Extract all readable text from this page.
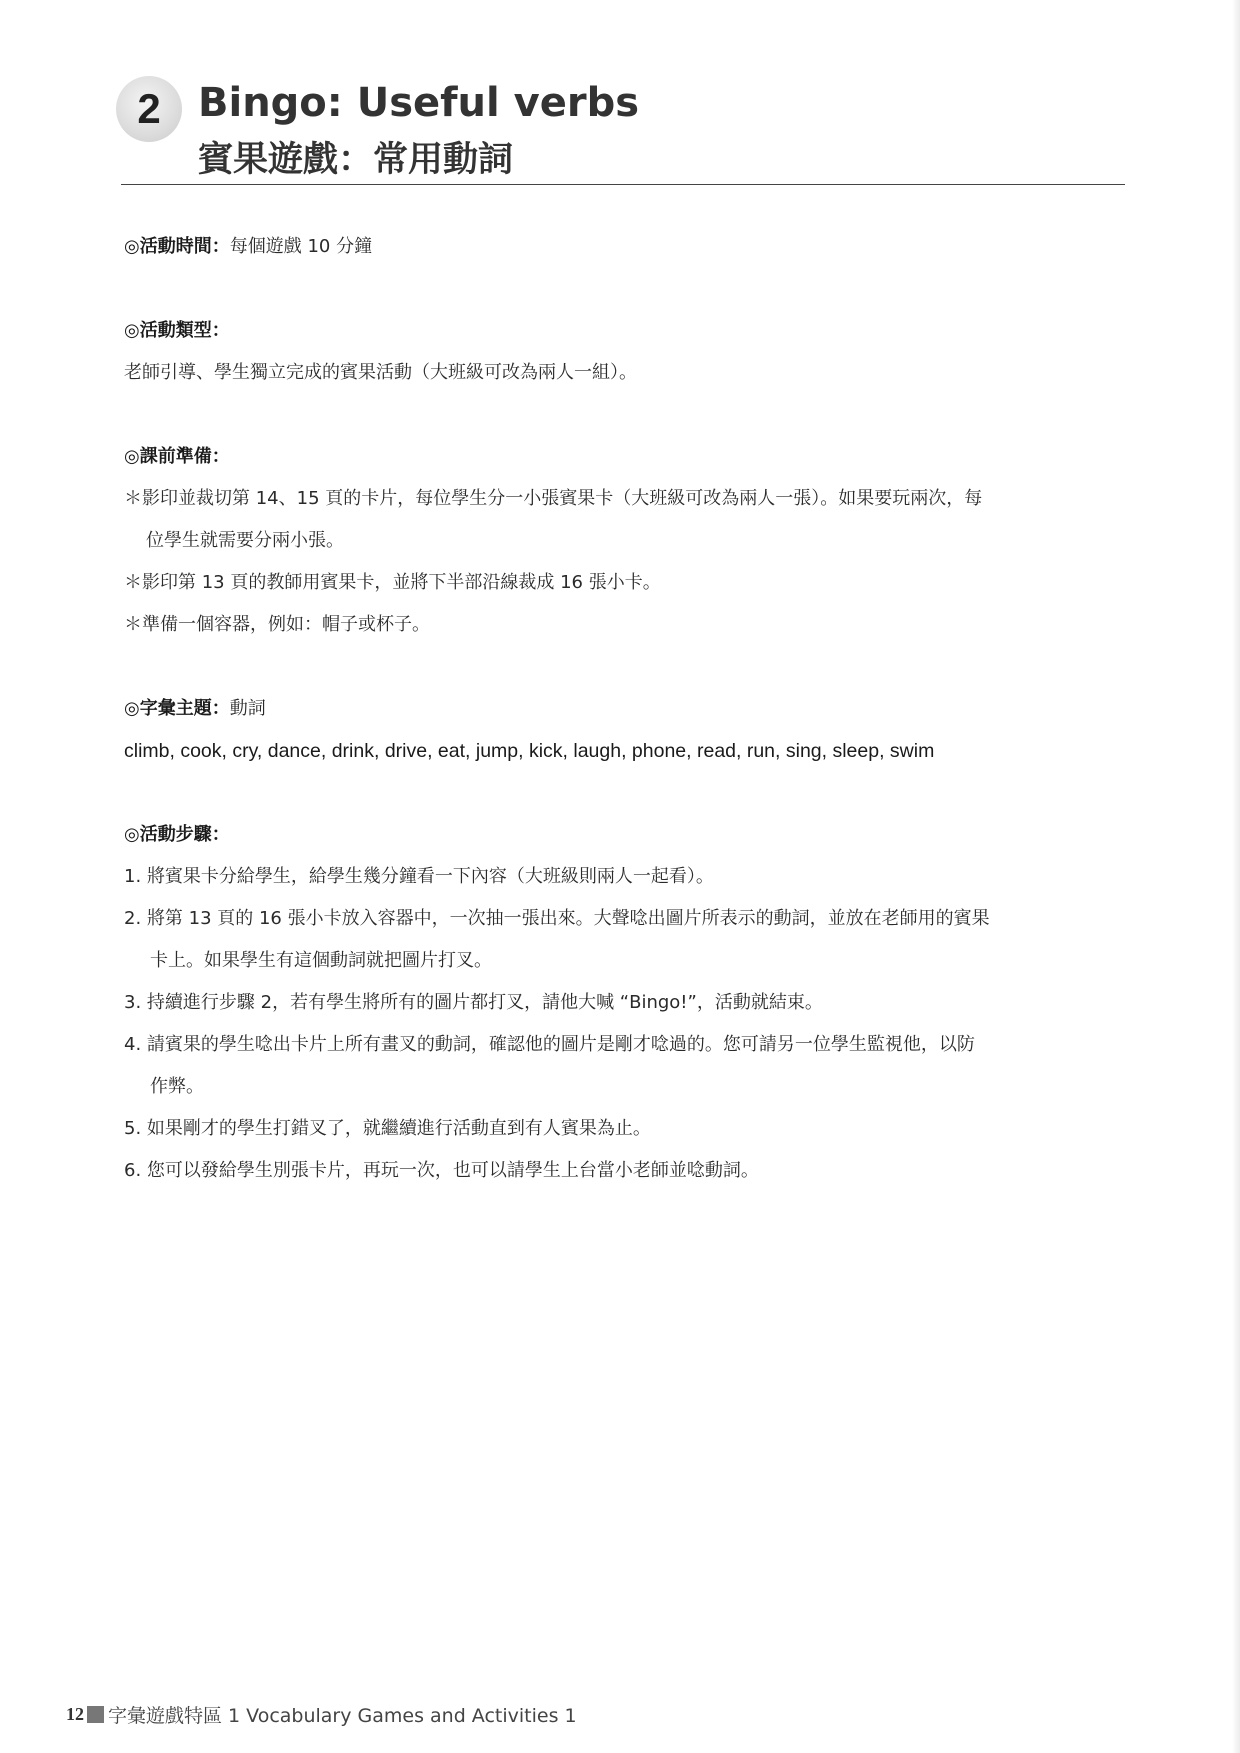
2 Bingo: Useful verbs
賓果遊戲：常用動詞
◎活動時間：每個遊戲 10 分鐘
◎活動類型：
老師引導、學生獨立完成的賓果活動（大班級可改為兩人一組）。
◎課前準備：
＊影印並裁切第 14、15 頁的卡片，每位學生分一小張賓果卡（大班級可改為兩人一張）。如果要玩兩次，每
位學生就需要分兩小張。
＊影印第 13 頁的教師用賓果卡，並將下半部沿線裁成 16 張小卡。
＊準備一個容器，例如：帽子或杯子。
◎字彙主題：動詞
climb, cook, cry, dance, drink, drive, eat, jump, kick, laugh, phone, read, run, sing, sleep, swim
◎活動步驟：
1. 將賓果卡分給學生，給學生幾分鐘看一下內容（大班級則兩人一起看）。
2. 將第 13 頁的 16 張小卡放入容器中，一次抽一張出來。大聲唸出圖片所表示的動詞，並放在老師用的賓果
卡上。如果學生有這個動詞就把圖片打叉。
3. 持續進行步驟 2，若有學生將所有的圖片都打叉，請他大喊 “Bingo!”，活動就結束。
4. 請賓果的學生唸出卡片上所有畫叉的動詞，確認他的圖片是剛才唸過的。您可請另一位學生監視他，以防
作弊。
5. 如果剛才的學生打錯叉了，就繼續進行活動直到有人賓果為止。
6. 您可以發給學生別張卡片，再玩一次，也可以請學生上台當小老師並唸動詞。
12 字彙遊戲特區 1 Vocabulary Games and Activities 1
